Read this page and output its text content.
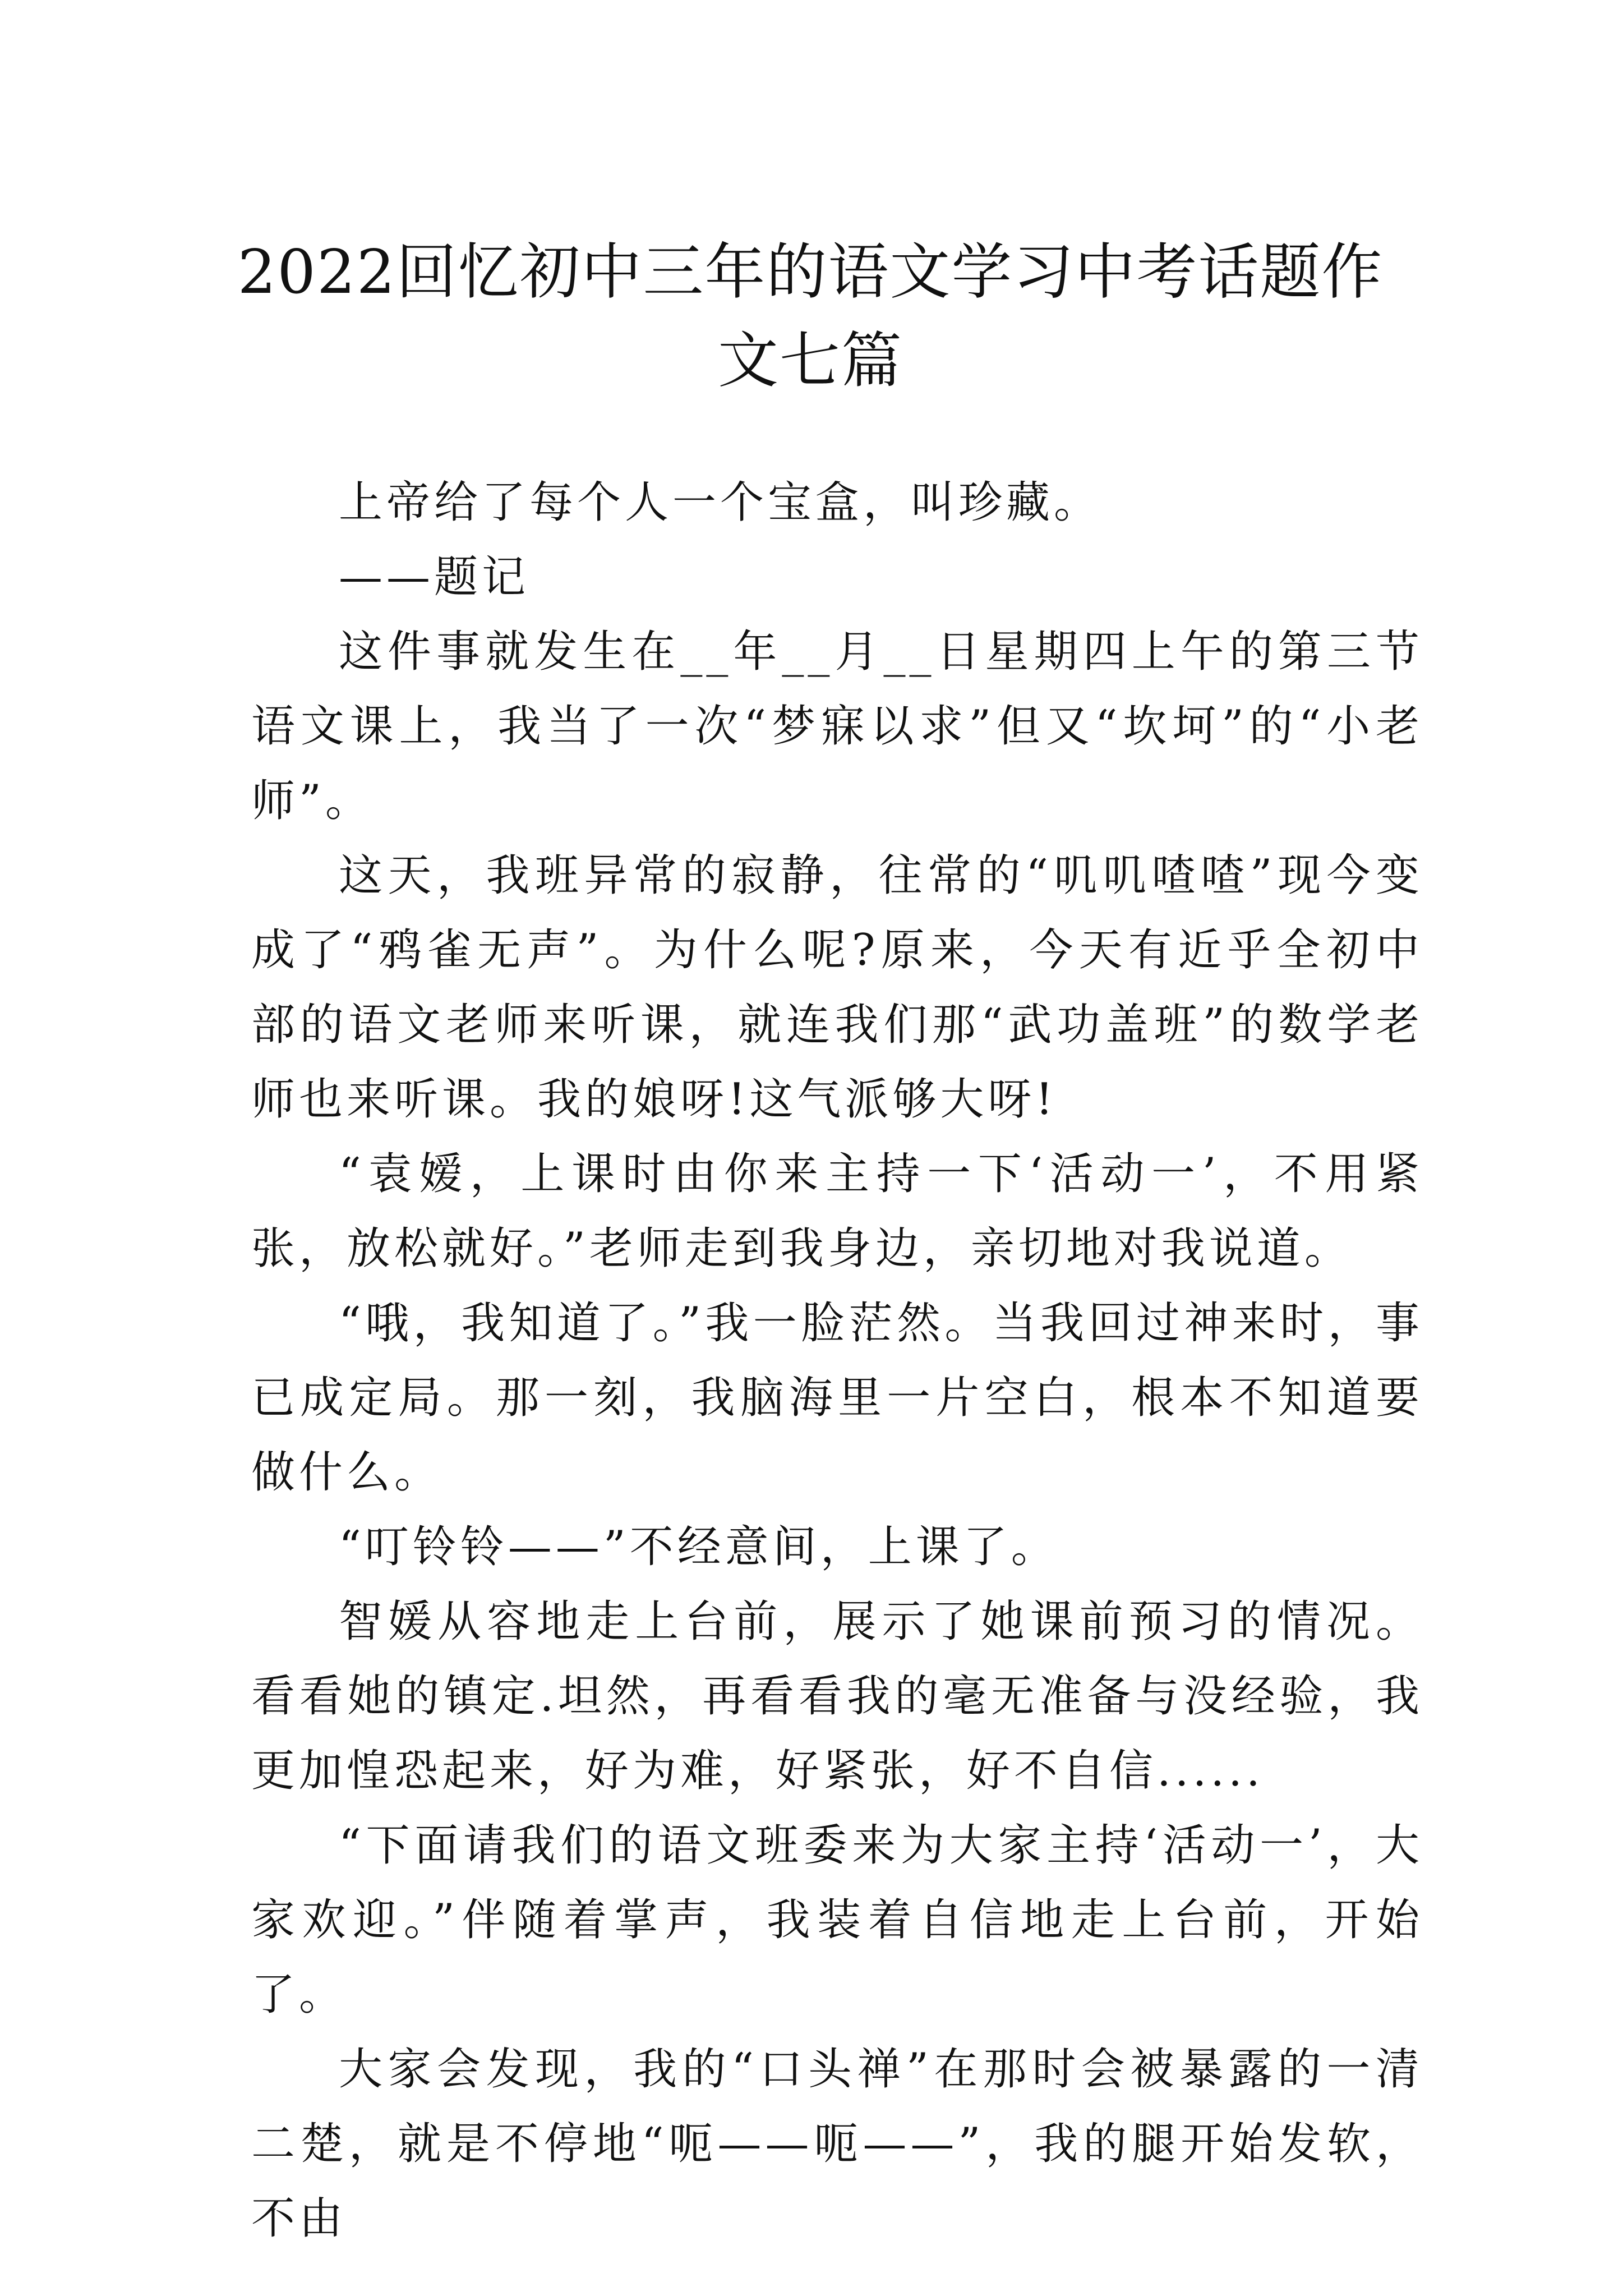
2022回忆初中三年的语文学习中考话题作文七篇

上帝给了每个人一个宝盒，叫珍藏。

——题记

这件事就发生在__年__月__日星期四上午的第三节语文课上，我当了一次“梦寐以求”但又“坎坷”的“小老师”。

这天，我班异常的寂静，往常的“叽叽喳喳”现今变成了“鸦雀无声”。为什么呢?原来，今天有近乎全初中部的语文老师来听课，就连我们那“武功盖班”的数学老师也来听课。我的娘呀!这气派够大呀!

“袁嫒，上课时由你来主持一下‘活动一’，不用紧张，放松就好。”老师走到我身边，亲切地对我说道。

“哦，我知道了。”我一脸茫然。当我回过神来时，事已成定局。那一刻，我脑海里一片空白，根本不知道要做什么。

“叮铃铃——”不经意间，上课了。

智媛从容地走上台前，展示了她课前预习的情况。看看她的镇定.坦然，再看看我的毫无准备与没经验，我更加惶恐起来，好为难，好紧张，好不自信......

“下面请我们的语文班委来为大家主持‘活动一’，大家欢迎。”伴随着掌声，我装着自信地走上台前，开始了。

大家会发现，我的“口头禅”在那时会被暴露的一清二楚，就是不停地“呃——呃——”，我的腿开始发软，不由
